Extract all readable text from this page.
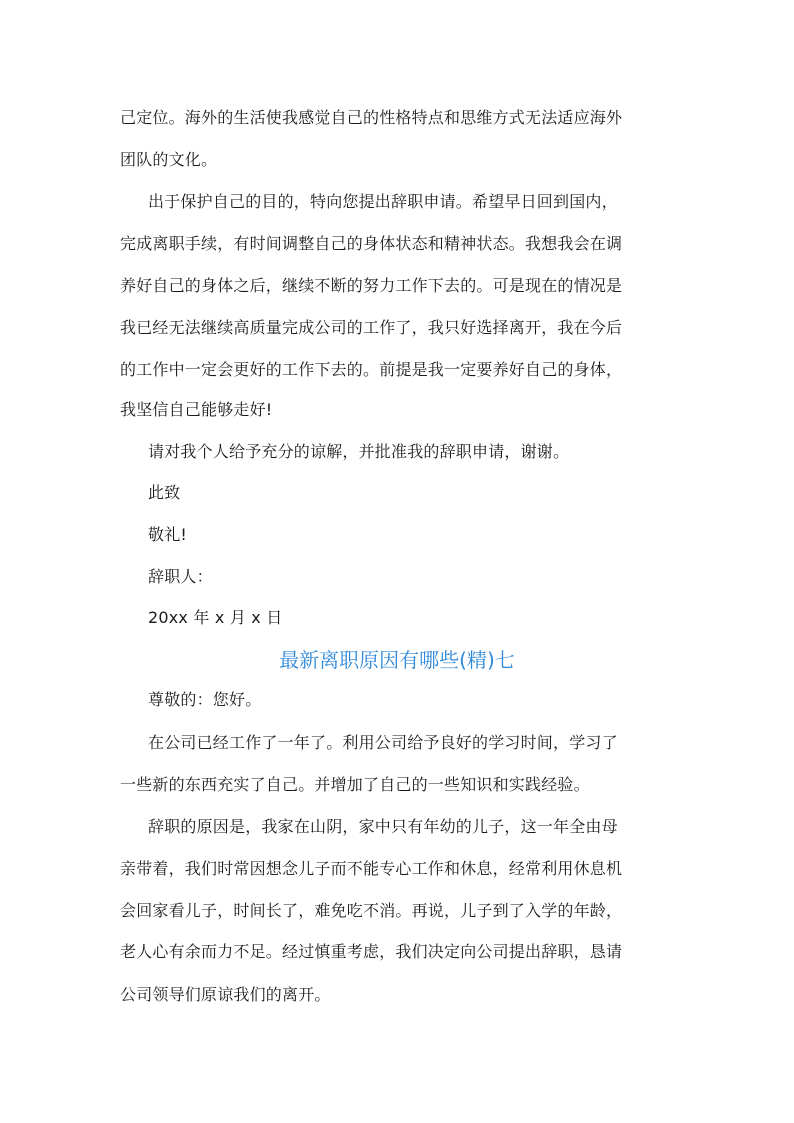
己定位。海外的生活使我感觉自己的性格特点和思维方式无法适应海外
团队的文化。
出于保护自己的目的，特向您提出辞职申请。希望早日回到国内，
完成离职手续，有时间调整自己的身体状态和精神状态。我想我会在调
养好自己的身体之后，继续不断的努力工作下去的。可是现在的情况是
我已经无法继续高质量完成公司的工作了，我只好选择离开，我在今后
的工作中一定会更好的工作下去的。前提是我一定要养好自己的身体，
我坚信自己能够走好!
请对我个人给予充分的谅解，并批准我的辞职申请，谢谢。
此致
敬礼!
辞职人：
20xx 年 x 月 x 日
最新离职原因有哪些(精)七
尊敬的：您好。
在公司已经工作了一年了。利用公司给予良好的学习时间，学习了
一些新的东西充实了自己。并增加了自己的一些知识和实践经验。
辞职的原因是，我家在山阴，家中只有年幼的儿子，这一年全由母
亲带着，我们时常因想念儿子而不能专心工作和休息，经常利用休息机
会回家看儿子，时间长了，难免吃不消。再说，儿子到了入学的年龄，
老人心有余而力不足。经过慎重考虑，我们决定向公司提出辞职，恳请
公司领导们原谅我们的离开。
